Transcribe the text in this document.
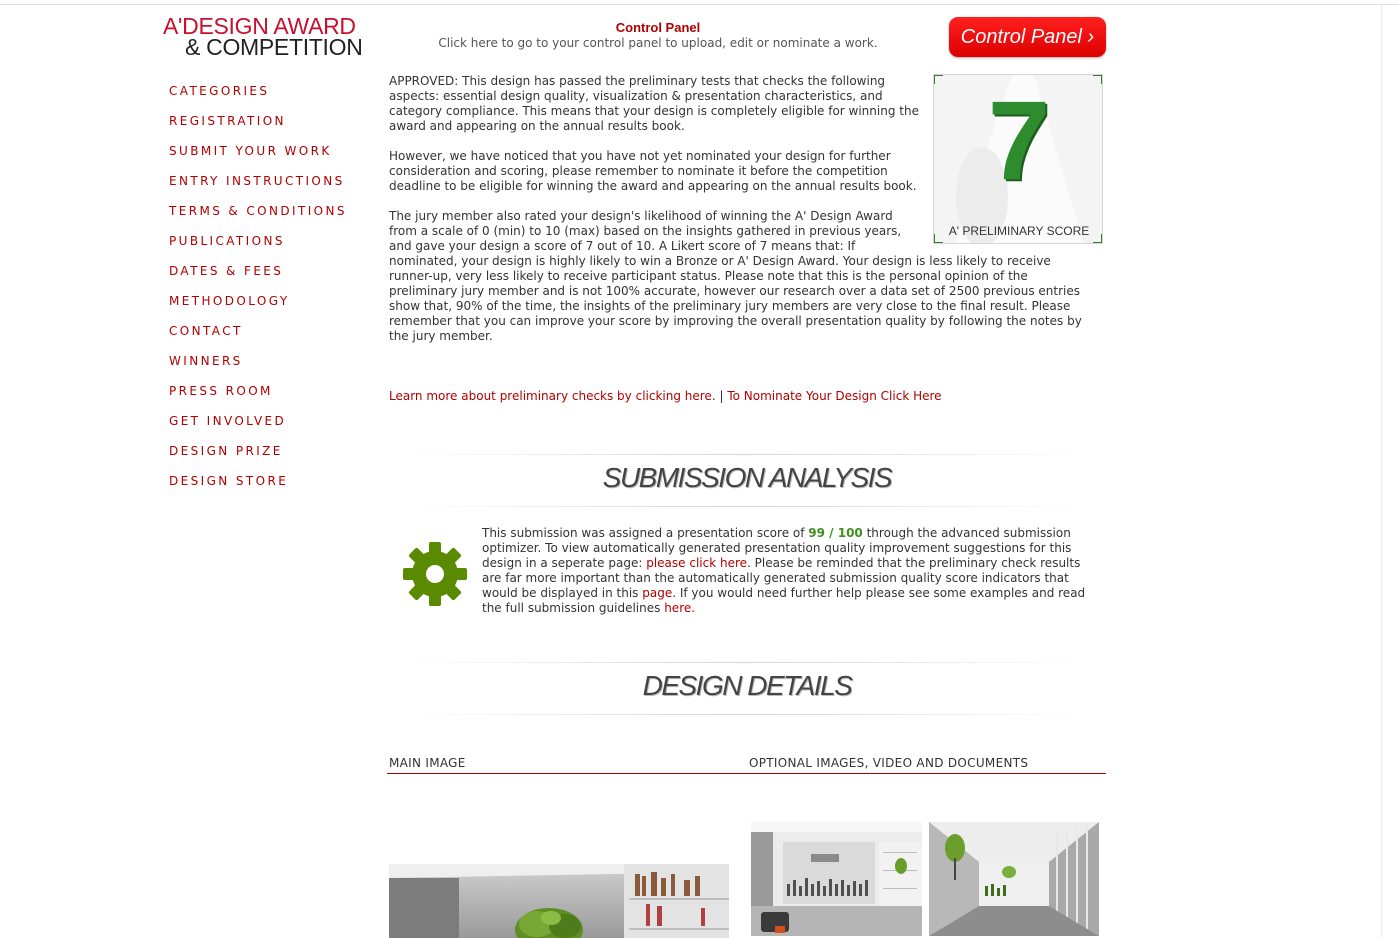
A'DESIGN AWARD
& COMPETITION
Control Panel
Click here to go to your control panel to upload, edit or nominate a work.	Control Panel ›
CATEGORIES
REGISTRATION
SUBMIT YOUR WORK
ENTRY INSTRUCTIONS
TERMS & CONDITIONS
PUBLICATIONS
DATES & FEES
METHODOLOGY
CONTACT
WINNERS
PRESS ROOM
GET INVOLVED
DESIGN PRIZE
DESIGN STORE

APPROVED: This design has passed the preliminary tests that checks the following aspects: essential design quality, visualization & presentation characteristics, and category compliance. This means that your design is completely eligible for winning the award and appearing on the annual results book.

However, we have noticed that you have not yet nominated your design for further consideration and scoring, please remember to nominate it before the competition deadline to be eligible for winning the award and appearing on the annual results book.

The jury member also rated your design's likelihood of winning the A' Design Award from a scale of 0 (min) to 10 (max) based on the insights gathered in previous years, and gave your design a score of 7 out of 10. A Likert score of 7 means that: If nominated, your design is highly likely to win a Bronze or A' Design Award. Your design is less likely to receive runner-up, very less likely to receive participant status. Please note that this is the personal opinion of the preliminary jury member and is not 100% accurate, however our research over a data set of 2500 previous entries show that, 90% of the time, the insights of the preliminary jury members are very close to the final result. Please remember that you can improve your score by improving the overall presentation quality by following the notes by the jury member.
7
A' PRELIMINARY SCORE
Learn more about preliminary checks by clicking here. | To Nominate Your Design Click Here
SUBMISSION ANALYSIS

This submission was assigned a presentation score of 99 / 100 through the advanced submission optimizer. To view automatically generated presentation quality improvement suggestions for this design in a seperate page: please click here. Please be reminded that the preliminary check results are far more important than the automatically generated submission quality score indicators that would be displayed in this page. If you would need further help please see some examples and read the full submission guidelines here.

DESIGN DETAILS
MAIN IMAGE	OPTIONAL IMAGES, VIDEO AND DOCUMENTS
